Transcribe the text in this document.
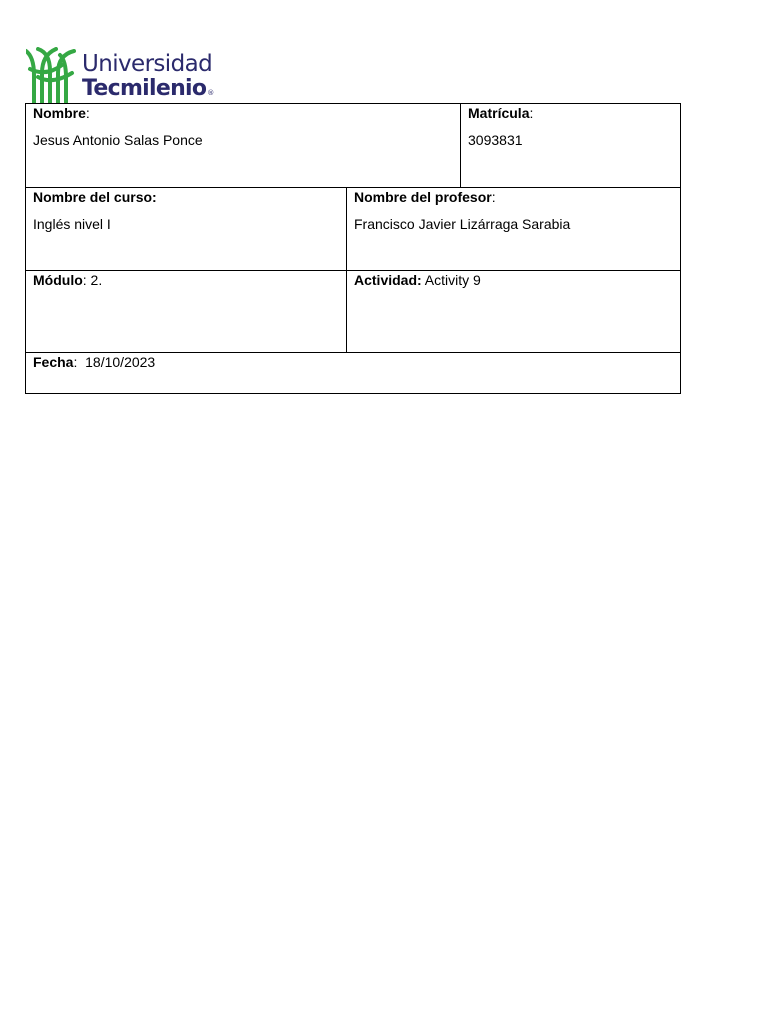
Universidad
Tecmilenio®
Nombre:
Jesus Antonio Salas Ponce		Matrícula:
3093831

Nombre del curso:
Inglés nivel I	Nombre del profesor:
Francisco Javier Lizárraga Sarabia	

Módulo: 2.	Actividad: Activity 9	

Fecha:  18/10/2023		
